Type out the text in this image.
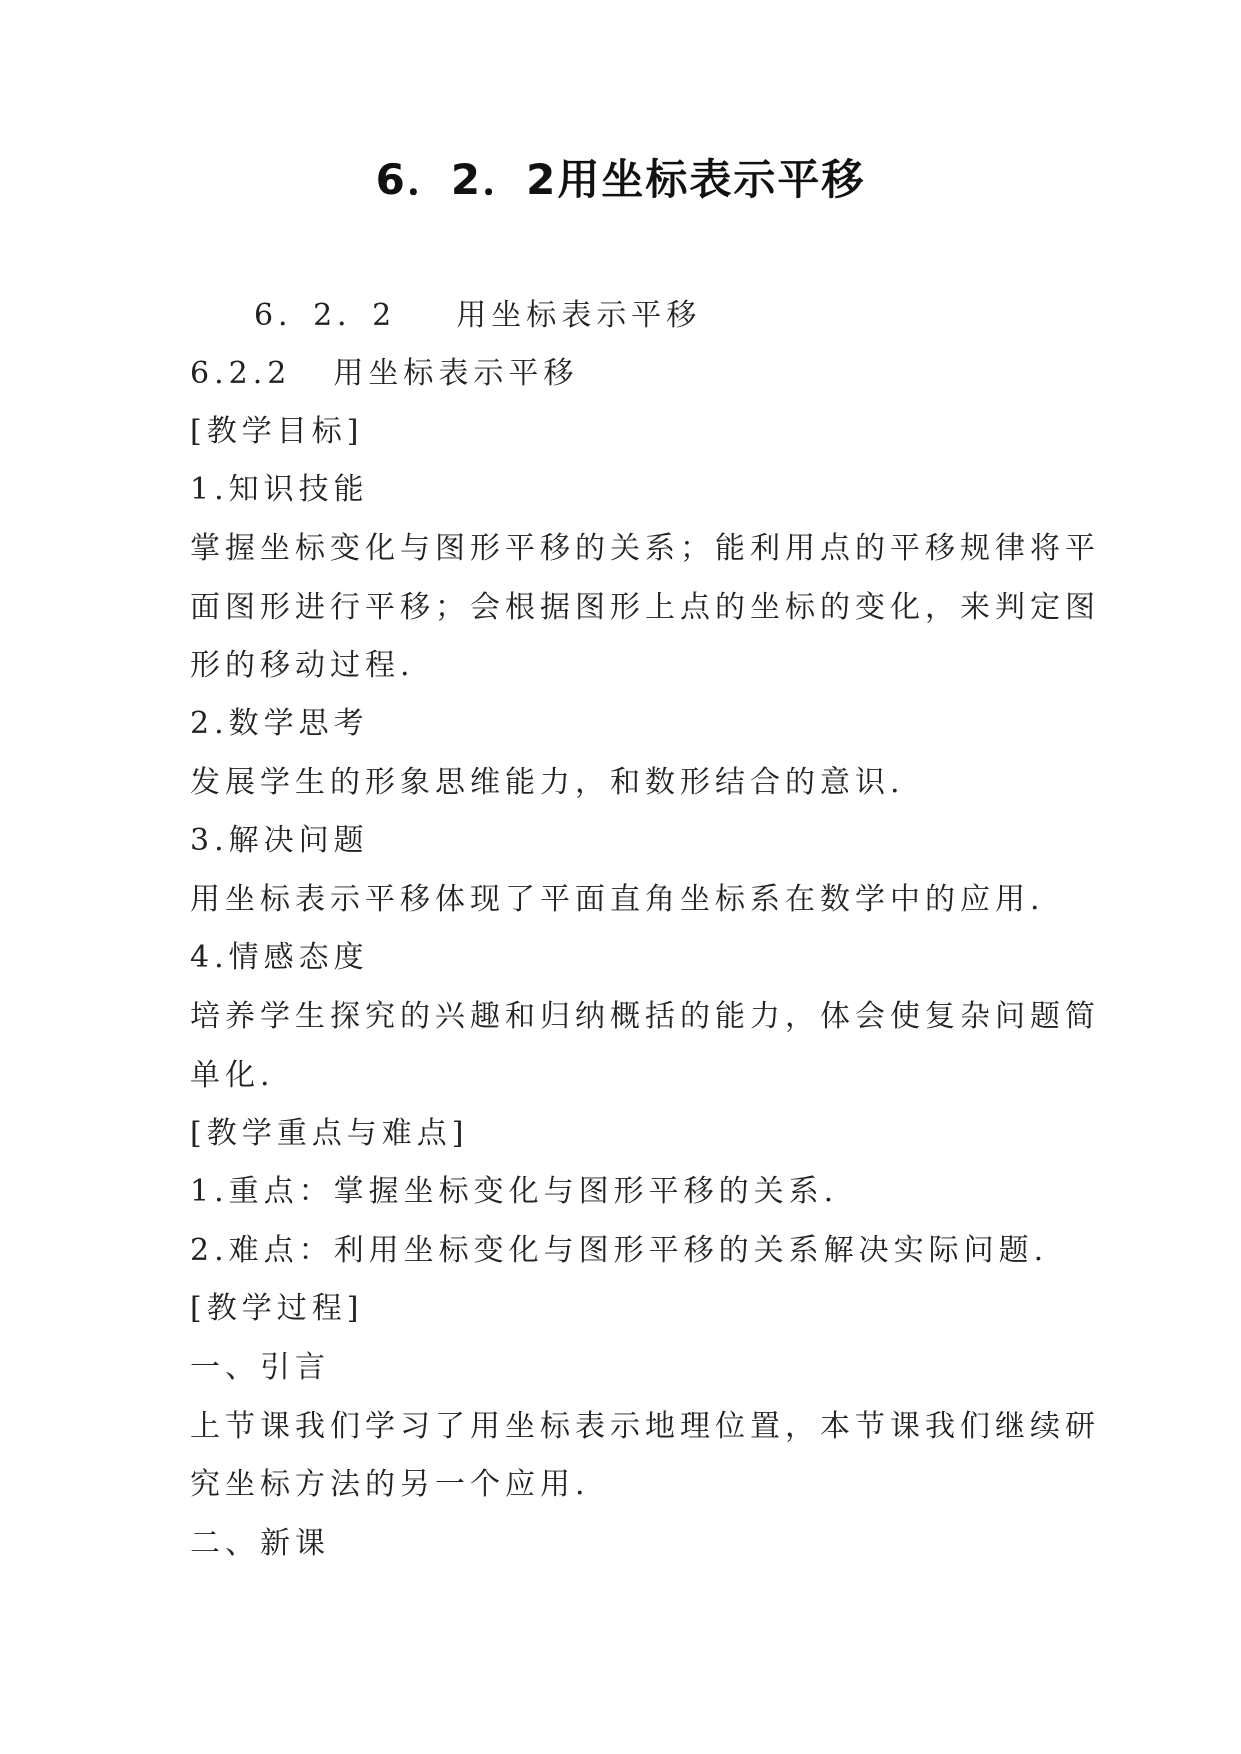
6．2．2用坐标表示平移
6．2．2 用坐标表示平移
6.2.2 用坐标表示平移
[教学目标]
1.知识技能
掌握坐标变化与图形平移的关系；能利用点的平移规律将平
面图形进行平移；会根据图形上点的坐标的变化，来判定图
形的移动过程.
2.数学思考
发展学生的形象思维能力，和数形结合的意识.
3.解决问题
用坐标表示平移体现了平面直角坐标系在数学中的应用.
4.情感态度
培养学生探究的兴趣和归纳概括的能力，体会使复杂问题简
单化.
[教学重点与难点]
1.重点：掌握坐标变化与图形平移的关系.
2.难点：利用坐标变化与图形平移的关系解决实际问题.
[教学过程]
一、引言
上节课我们学习了用坐标表示地理位置，本节课我们继续研
究坐标方法的另一个应用.
二、新课
